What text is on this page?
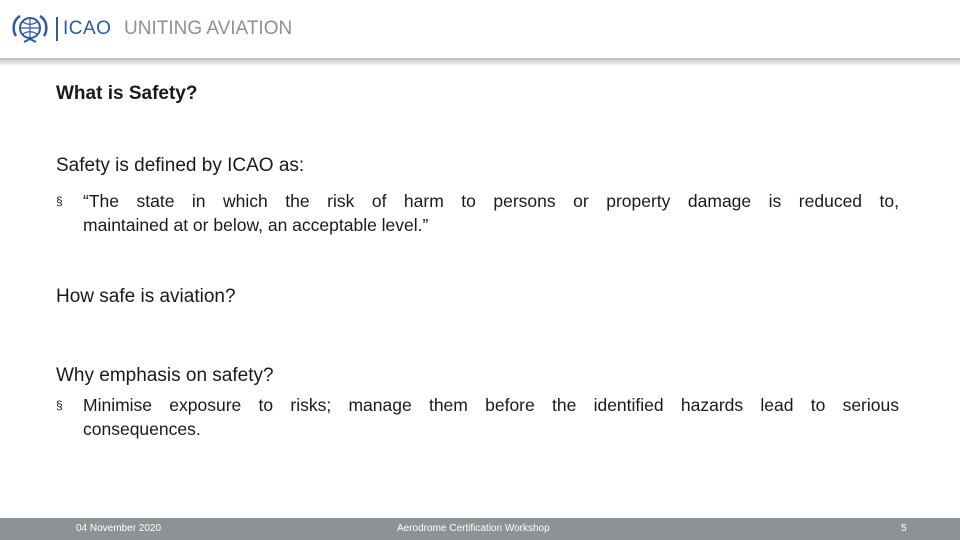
ICAO UNITING AVIATION
What is Safety?
Safety is defined by ICAO as:
§ “The state in which the risk of harm to persons or property damage is reduced to,
maintained at or below, an acceptable level.”
How safe is aviation?
Why emphasis on safety?
§ Minimise exposure to risks; manage them before the identified hazards lead to serious
consequences.
04 November 2020	Aerodrome Certification Workshop	5
